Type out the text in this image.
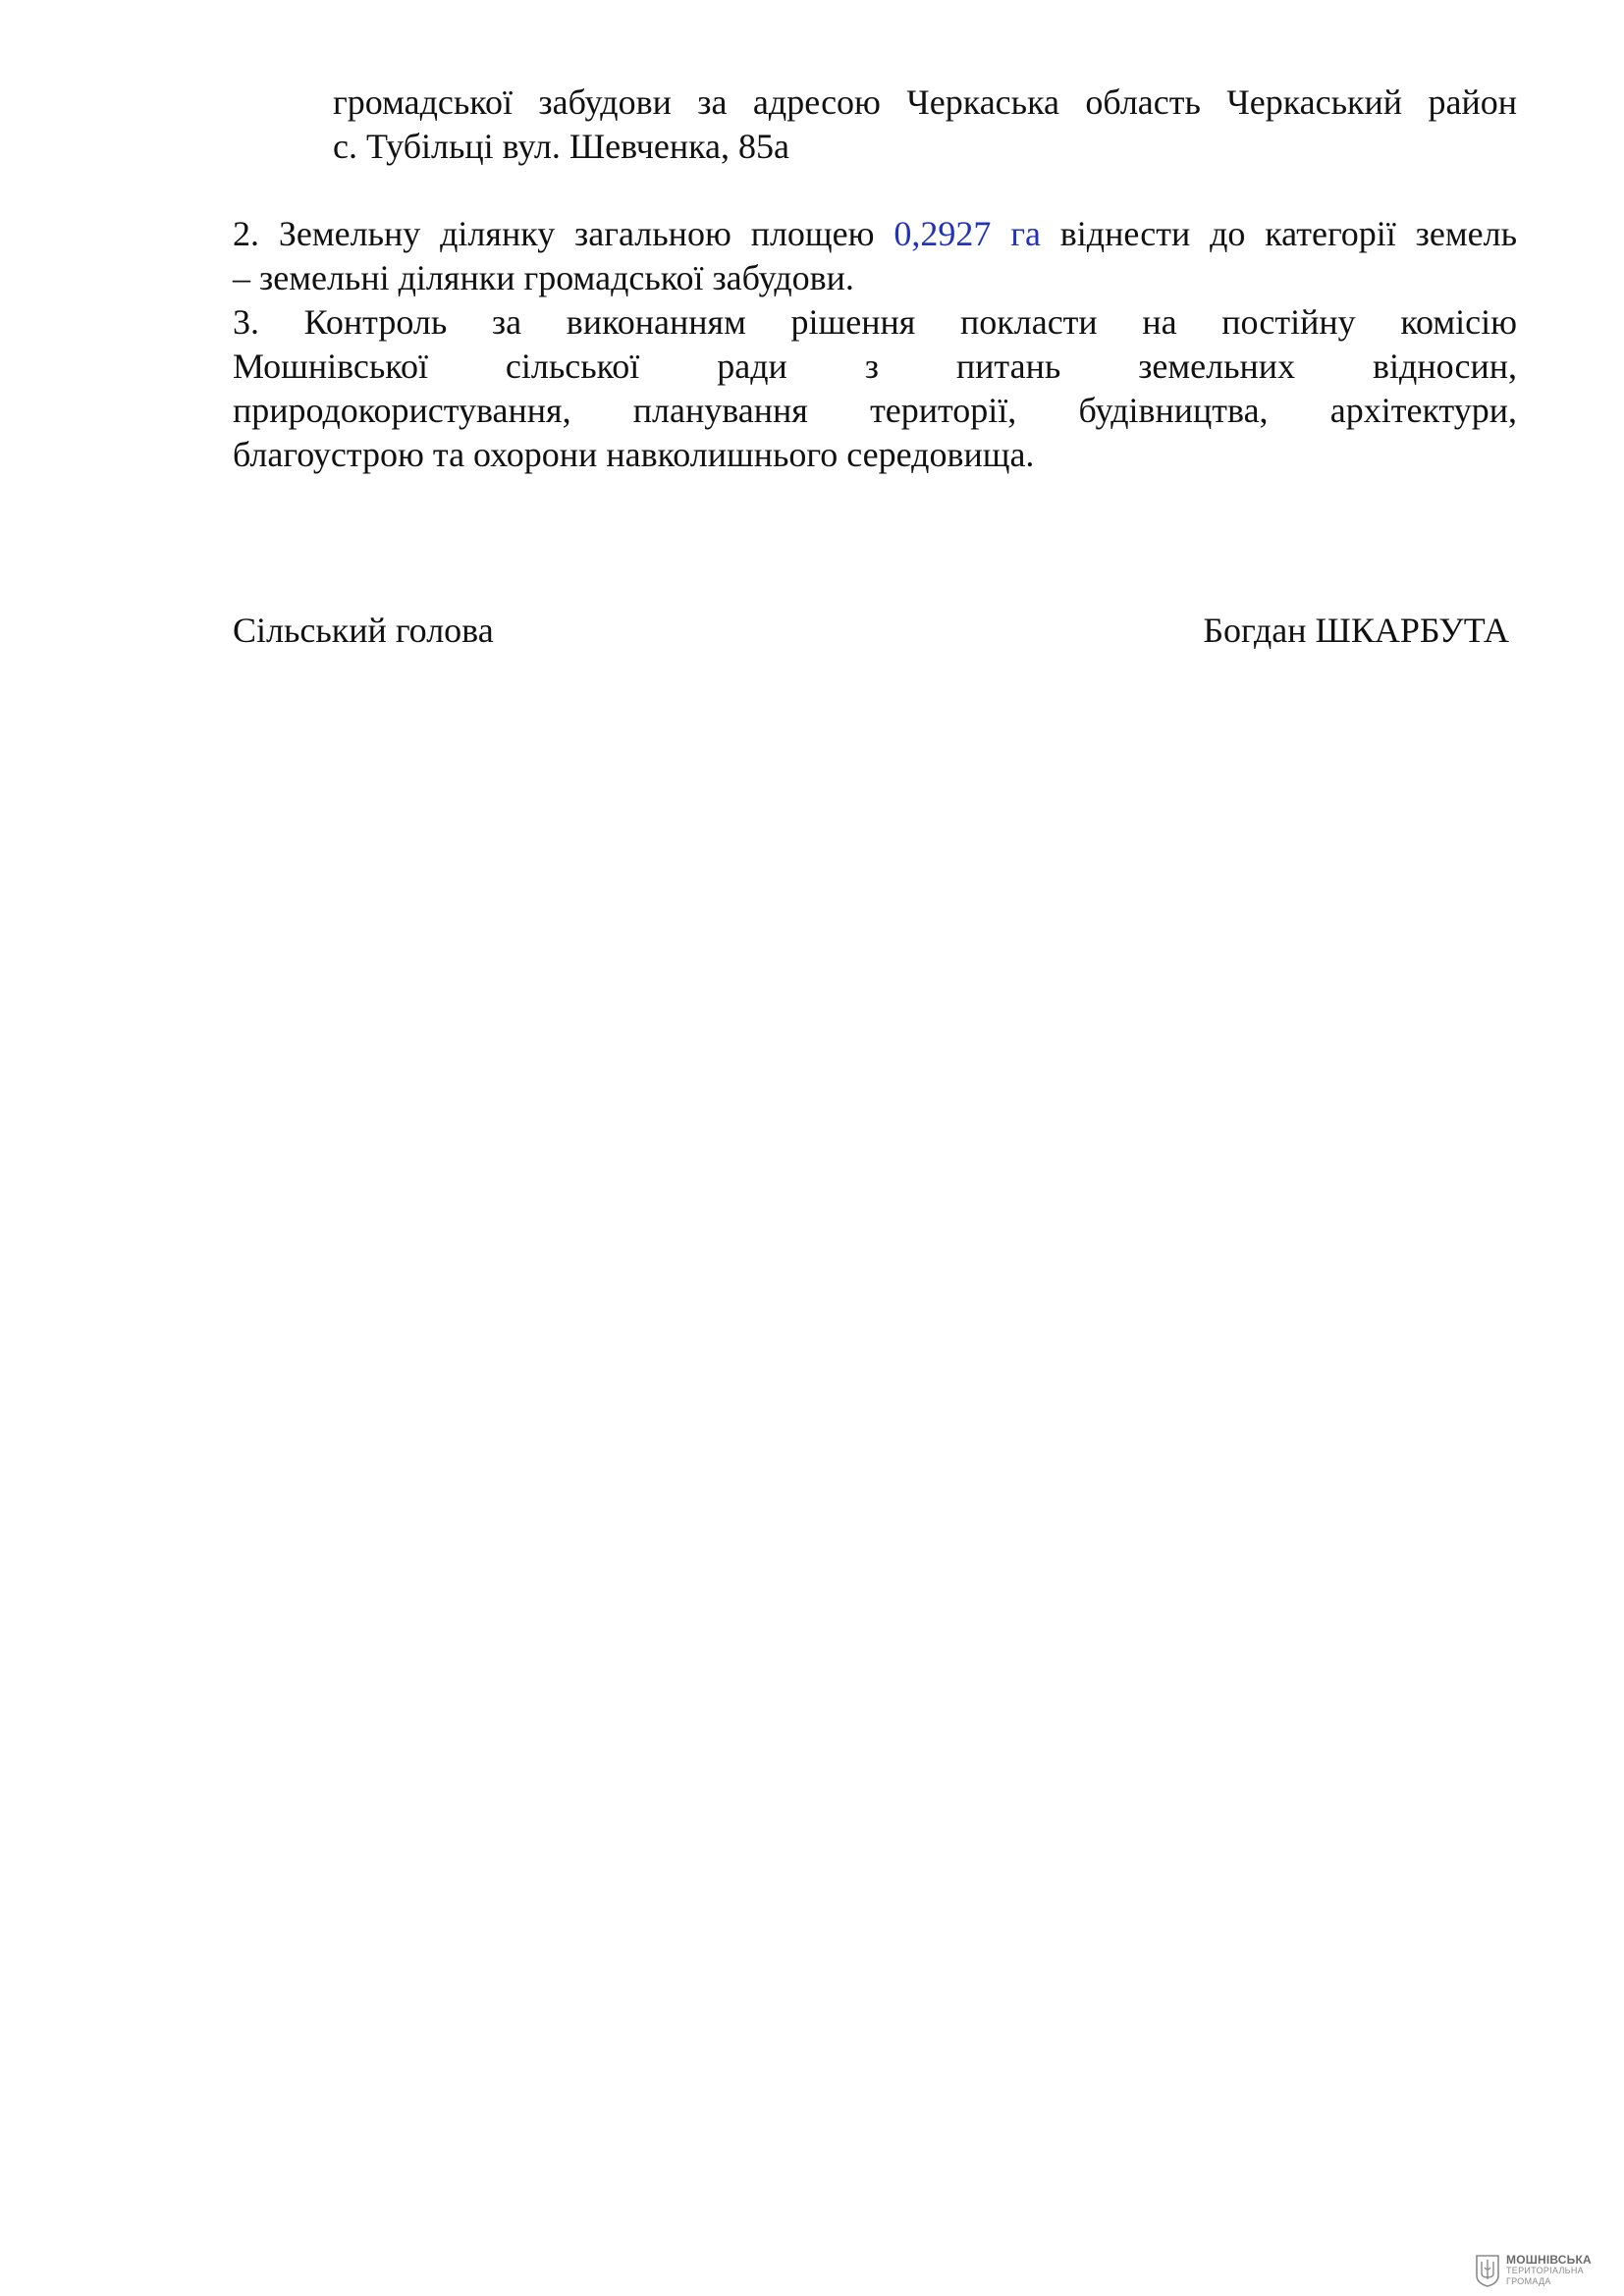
громадської забудови за адресою Черкаська область Черкаський район
с. Тубільці вул. Шевченка, 85а
2. Земельну ділянку загальною площею 0,2927 га віднести до категорії земель
– земельні ділянки громадської забудови.
3. Контроль за виконанням рішення покласти на постійну комісію
Мошнівської сільської ради з питань земельних відносин,
природокористування, планування території, будівництва, архітектури,
благоустрою та охорони навколишнього середовища.
Сільський голова	Богдан ШКАРБУТА
МОШНІВСЬКА
ТЕРИТОРІАЛЬНА
ГРОМАДА
